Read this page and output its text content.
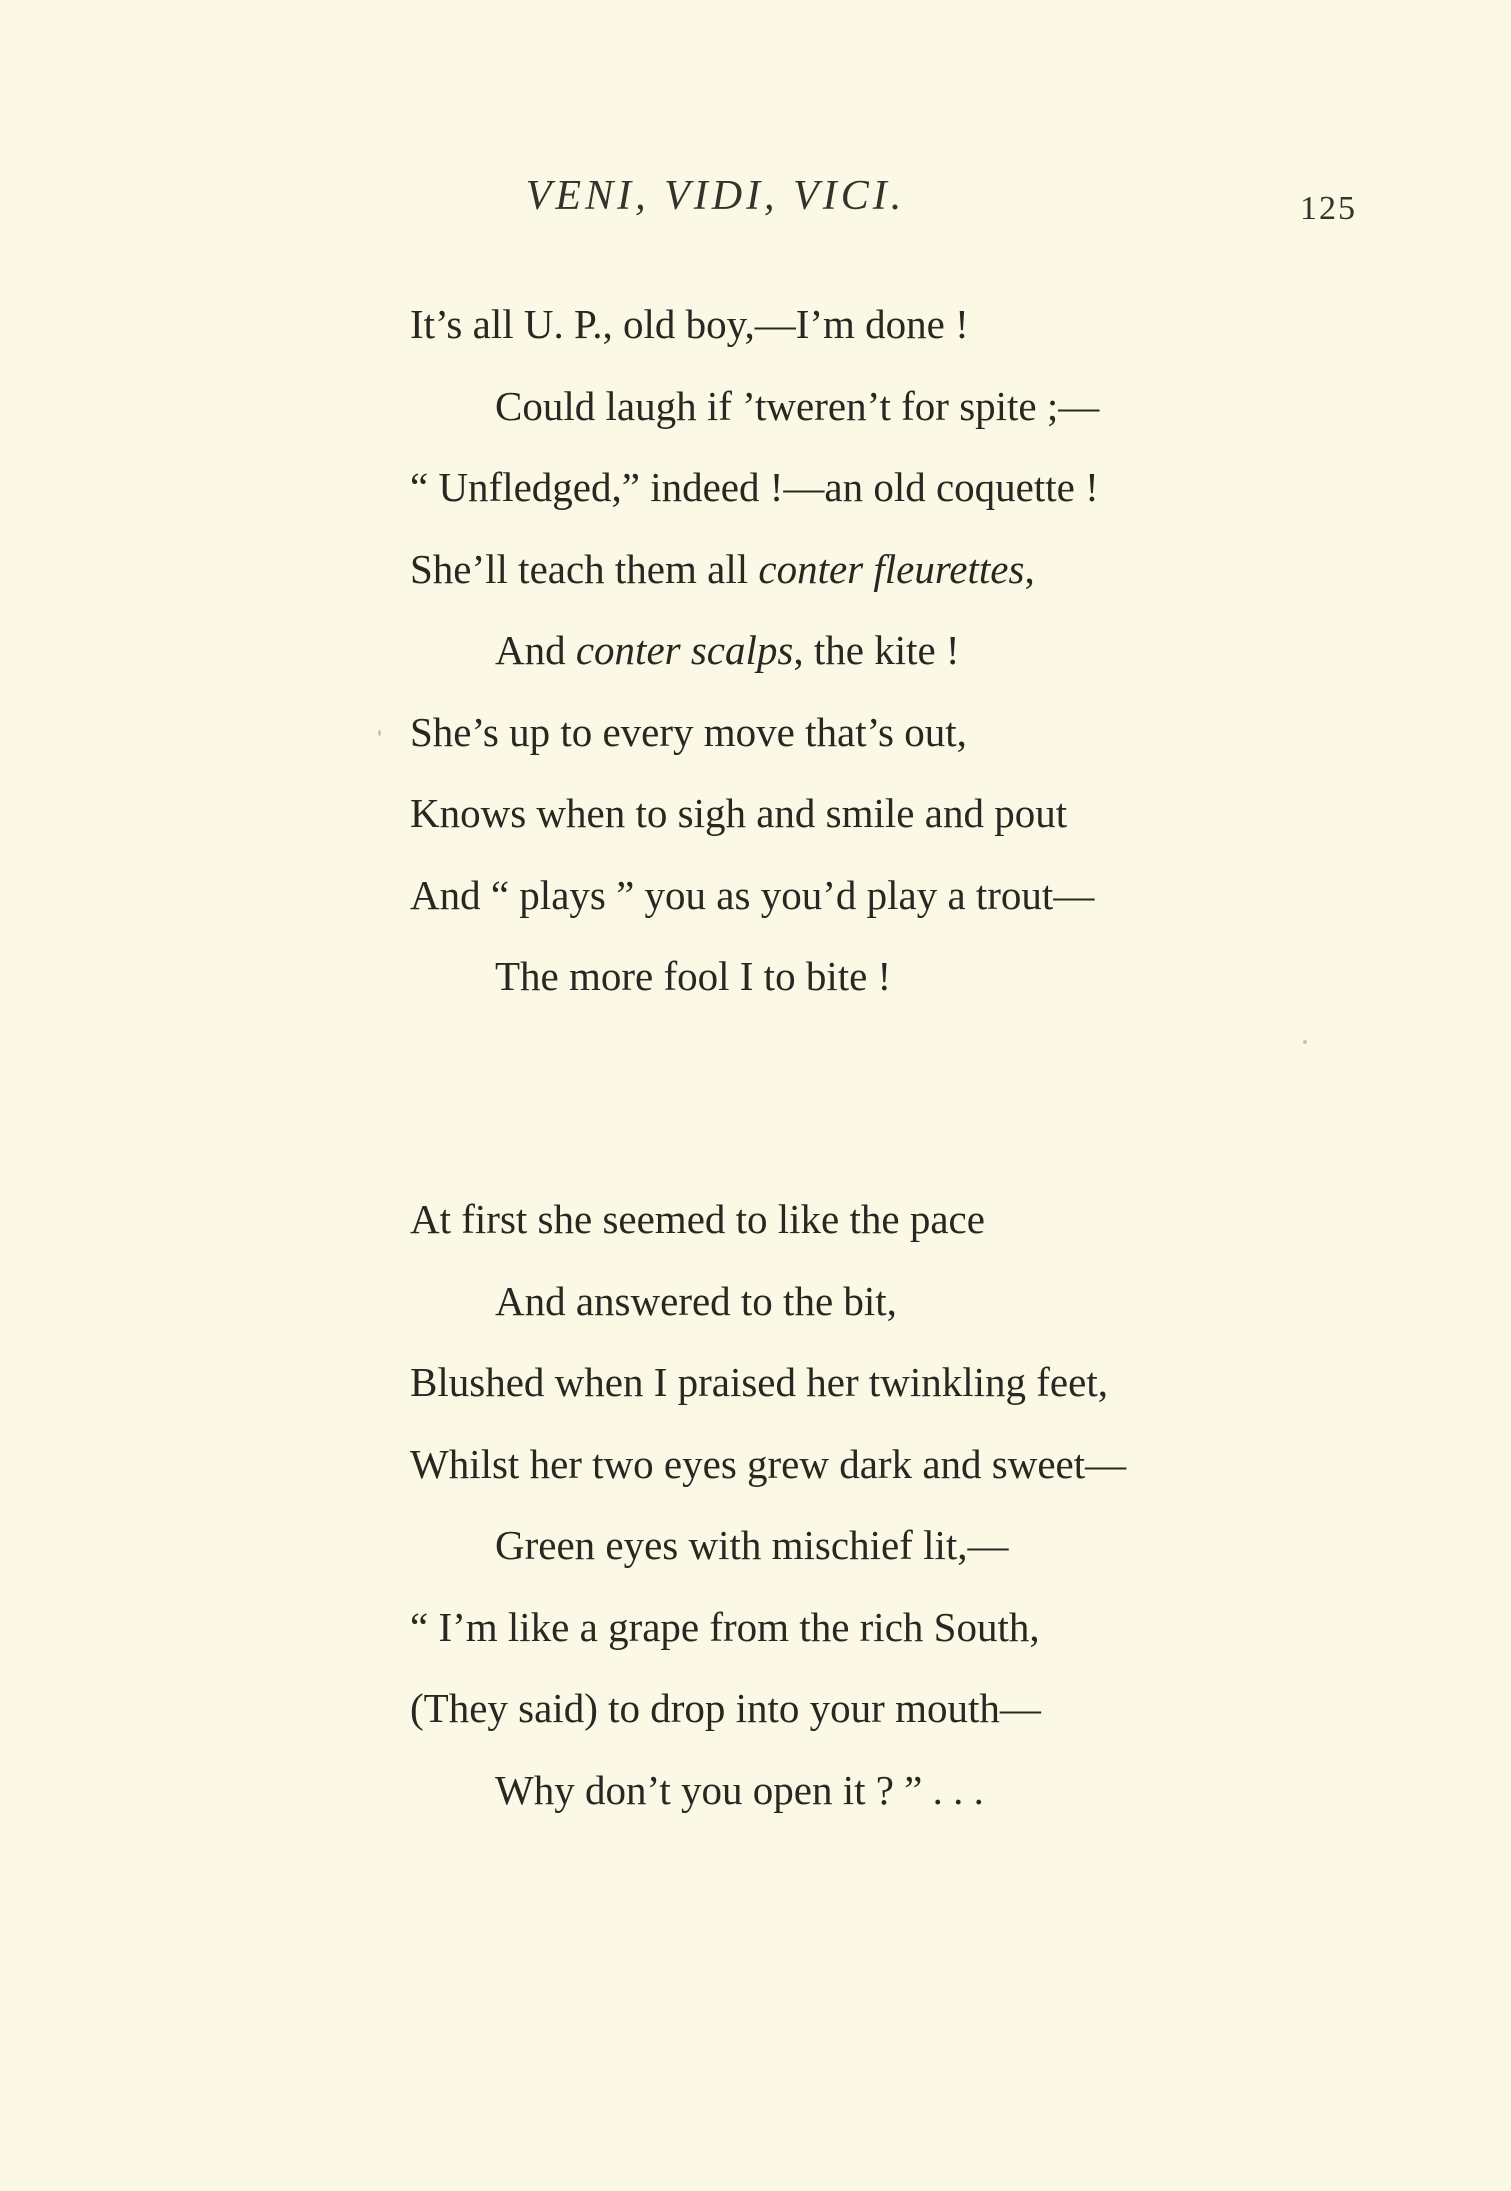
VENI, VIDI, VICI.	125
It’s all U. P., old boy,—I’m done !
Could laugh if ’tweren’t for spite ;—
“ Unfledged,” indeed !—an old coquette !
She’ll teach them all conter fleurettes,
And conter scalps, the kite !
She’s up to every move that’s out,
Knows when to sigh and smile and pout
And “ plays ” you as you’d play a trout—
The more fool I to bite !
At first she seemed to like the pace
And answered to the bit,
Blushed when I praised her twinkling feet,
Whilst her two eyes grew dark and sweet—
Green eyes with mischief lit,—
“ I’m like a grape from the rich South,
(They said) to drop into your mouth—
Why don’t you open it ? ” . . .
